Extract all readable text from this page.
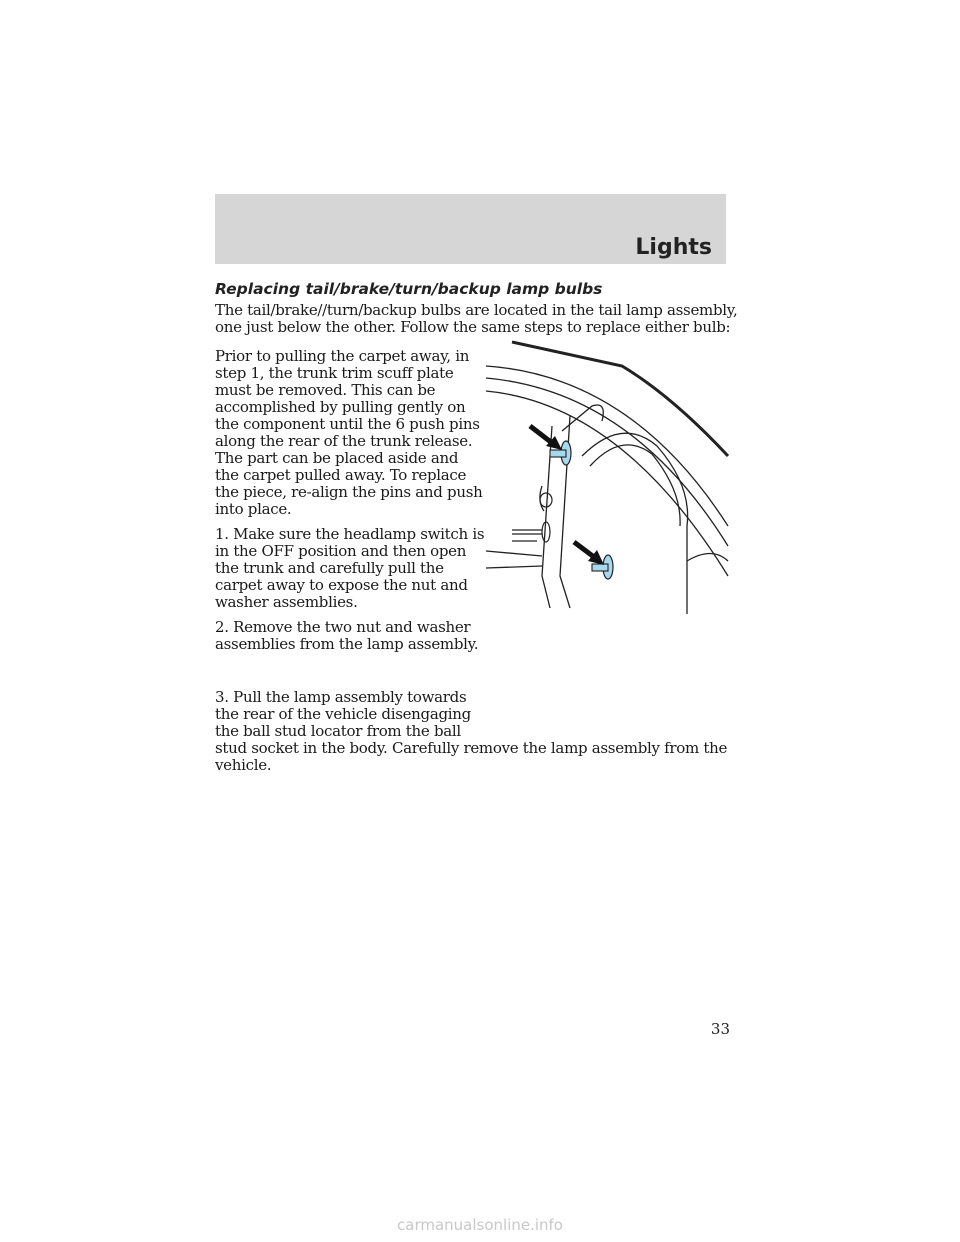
Lights
Replacing tail/brake/turn/backup lamp bulbs
The tail/brake//turn/backup bulbs are located in the tail lamp assembly,
one just below the other. Follow the same steps to replace either bulb:
Prior to pulling the carpet away, in
step 1, the trunk trim scuff plate
must be removed. This can be
accomplished by pulling gently on
the component until the 6 push pins
along the rear of the trunk release.
The part can be placed aside and
the carpet pulled away. To replace
the piece, re-align the pins and push
into place.
1. Make sure the headlamp switch is
in the OFF position and then open
the trunk and carefully pull the
carpet away to expose the nut and
washer assemblies.
2. Remove the two nut and washer
assemblies from the lamp assembly.
3. Pull the lamp assembly towards
the rear of the vehicle disengaging
the ball stud locator from the ball
stud socket in the body. Carefully remove the lamp assembly from the
vehicle.
33
carmanualsonline.info
